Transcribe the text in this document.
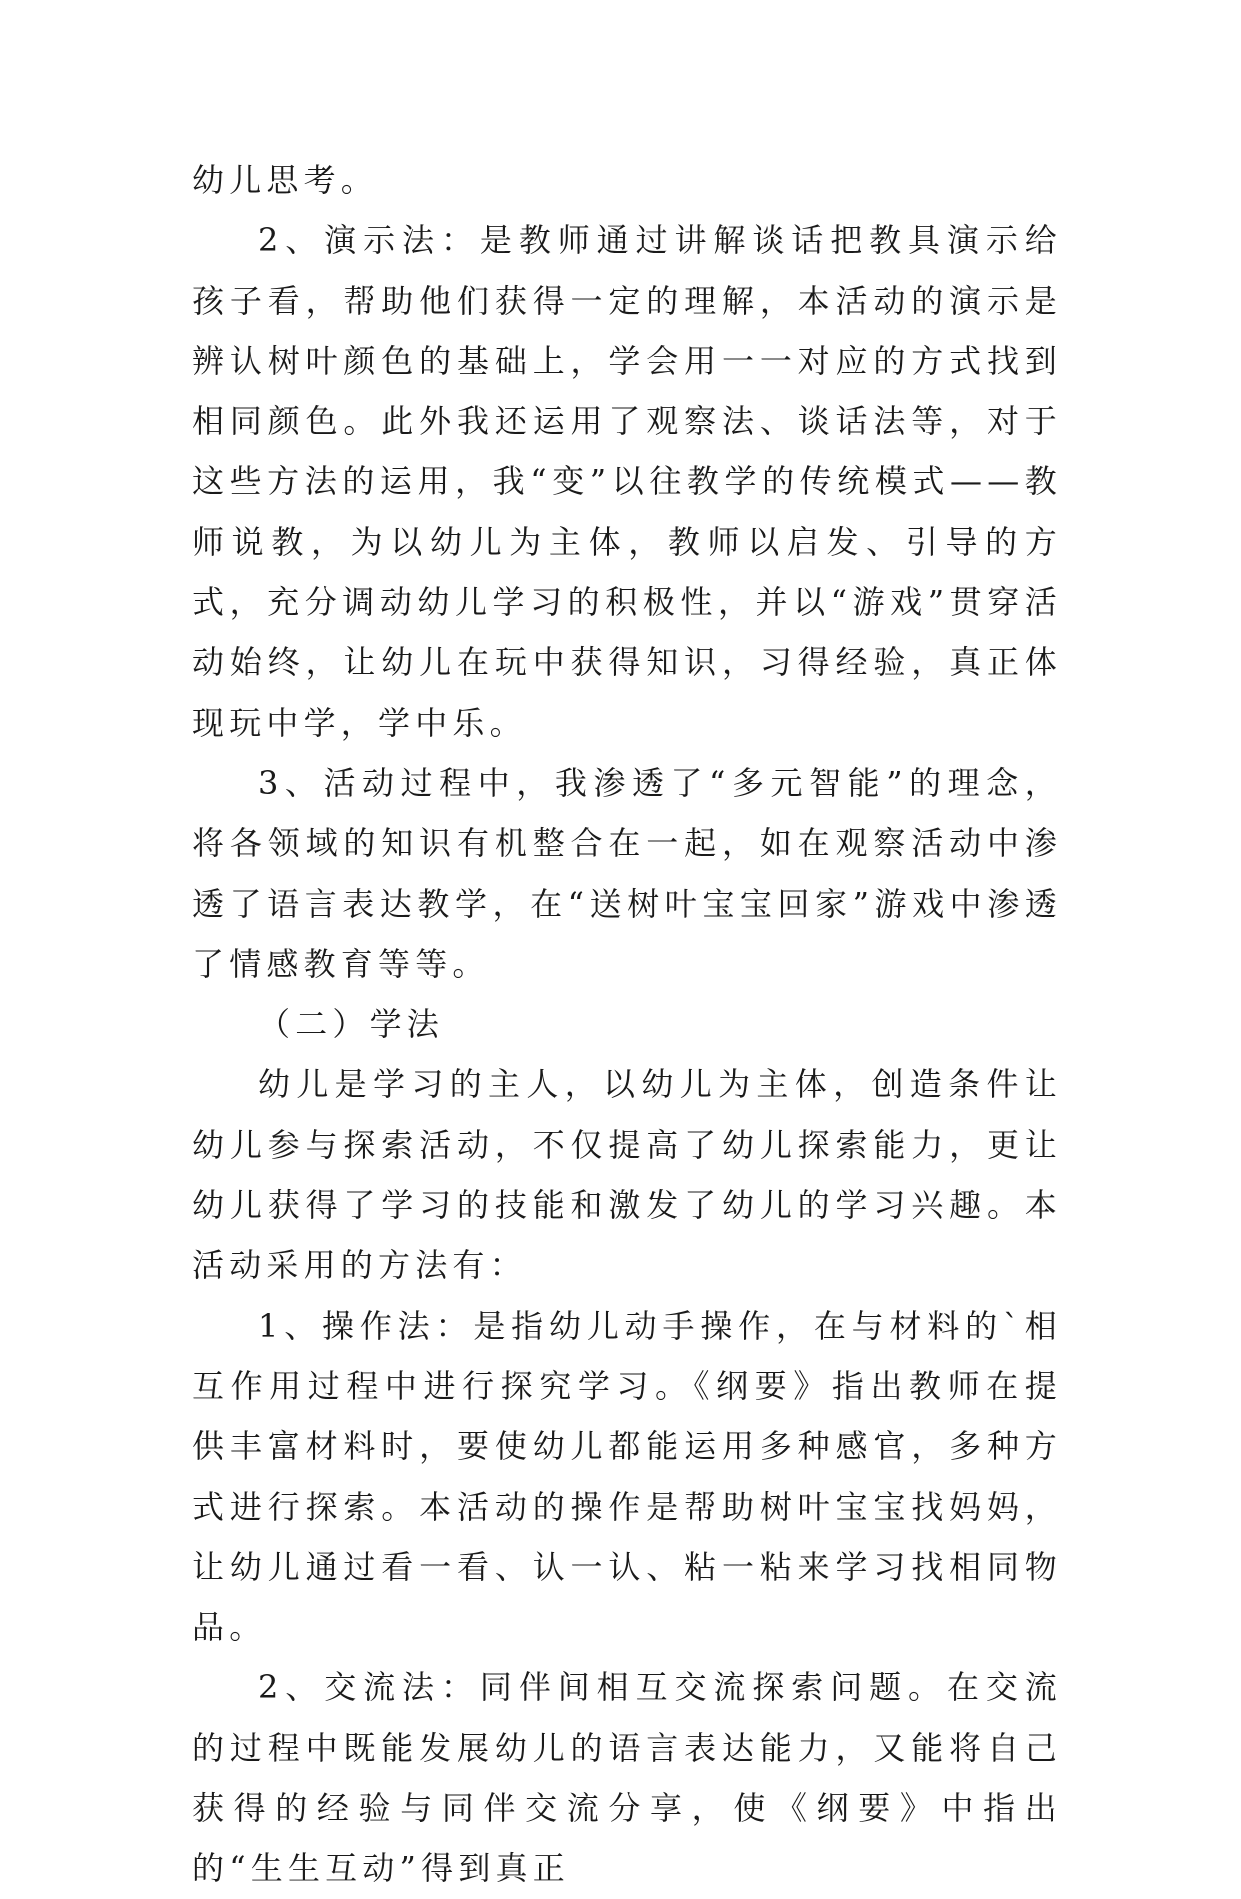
幼儿思考。

2、演示法：是教师通过讲解谈话把教具演示给孩子看，帮助他们获得一定的理解，本活动的演示是辨认树叶颜色的基础上，学会用一一对应的方式找到相同颜色。此外我还运用了观察法、谈话法等，对于这些方法的运用，我“变”以往教学的传统模式——教师说教，为以幼儿为主体，教师以启发、引导的方式，充分调动幼儿学习的积极性，并以“游戏”贯穿活动始终，让幼儿在玩中获得知识，习得经验，真正体现玩中学，学中乐。

3、活动过程中，我渗透了“多元智能”的理念，将各领域的知识有机整合在一起，如在观察活动中渗透了语言表达教学，在“送树叶宝宝回家”游戏中渗透了情感教育等等。

（二）学法

幼儿是学习的主人，以幼儿为主体，创造条件让幼儿参与探索活动，不仅提高了幼儿探索能力，更让幼儿获得了学习的技能和激发了幼儿的学习兴趣。本活动采用的方法有：

1、操作法：是指幼儿动手操作，在与材料的`相互作用过程中进行探究学习。《纲要》指出教师在提供丰富材料时，要使幼儿都能运用多种感官，多种方式进行探索。本活动的操作是帮助树叶宝宝找妈妈，让幼儿通过看一看、认一认、粘一粘来学习找相同物品。

2、交流法：同伴间相互交流探索问题。在交流的过程中既能发展幼儿的语言表达能力，又能将自己获得的经验与同伴交流分享，使《纲要》中指出的“生生互动”得到真正
